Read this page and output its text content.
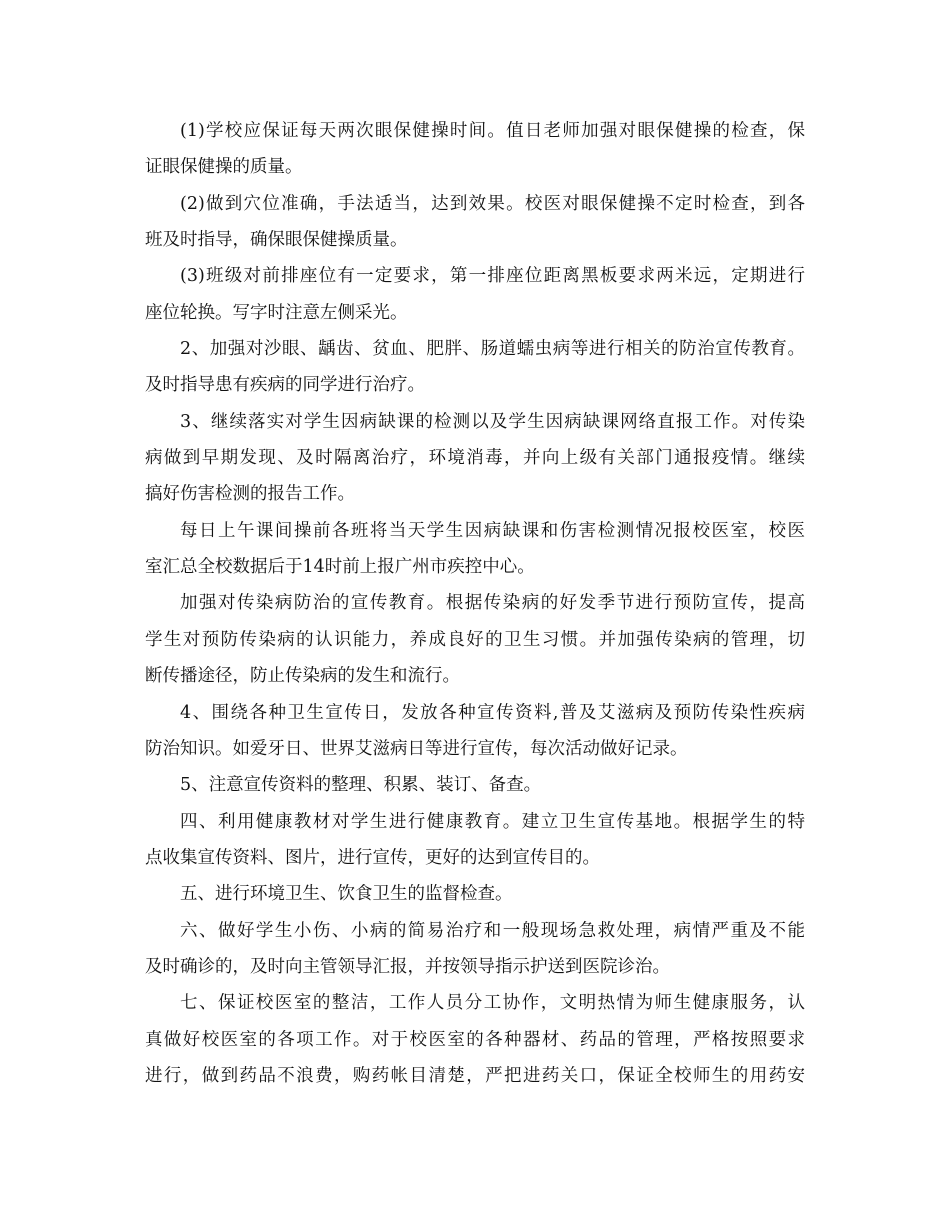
(1)学校应保证每天两次眼保健操时间。值日老师加强对眼保健操的检查，保
证眼保健操的质量。
(2)做到穴位准确，手法适当，达到效果。校医对眼保健操不定时检查，到各
班及时指导，确保眼保健操质量。
(3)班级对前排座位有一定要求，第一排座位距离黑板要求两米远，定期进行
座位轮换。写字时注意左侧采光。
2、加强对沙眼、龋齿、贫血、肥胖、肠道蠕虫病等进行相关的防治宣传教育。
及时指导患有疾病的同学进行治疗。
3、继续落实对学生因病缺课的检测以及学生因病缺课网络直报工作。对传染
病做到早期发现、及时隔离治疗，环境消毒，并向上级有关部门通报疫情。继续
搞好伤害检测的报告工作。
每日上午课间操前各班将当天学生因病缺课和伤害检测情况报校医室，校医
室汇总全校数据后于14时前上报广州市疾控中心。
加强对传染病防治的宣传教育。根据传染病的好发季节进行预防宣传，提高
学生对预防传染病的认识能力，养成良好的卫生习惯。并加强传染病的管理，切
断传播途径，防止传染病的发生和流行。
4、围绕各种卫生宣传日，发放各种宣传资料,普及艾滋病及预防传染性疾病
防治知识。如爱牙日、世界艾滋病日等进行宣传，每次活动做好记录。
5、注意宣传资料的整理、积累、装订、备查。
四、利用健康教材对学生进行健康教育。建立卫生宣传基地。根据学生的特
点收集宣传资料、图片，进行宣传，更好的达到宣传目的。
五、进行环境卫生、饮食卫生的监督检查。
六、做好学生小伤、小病的简易治疗和一般现场急救处理，病情严重及不能
及时确诊的，及时向主管领导汇报，并按领导指示护送到医院诊治。
七、保证校医室的整洁，工作人员分工协作，文明热情为师生健康服务，认
真做好校医室的各项工作。对于校医室的各种器材、药品的管理，严格按照要求
进行，做到药品不浪费，购药帐目清楚，严把进药关口，保证全校师生的用药安
